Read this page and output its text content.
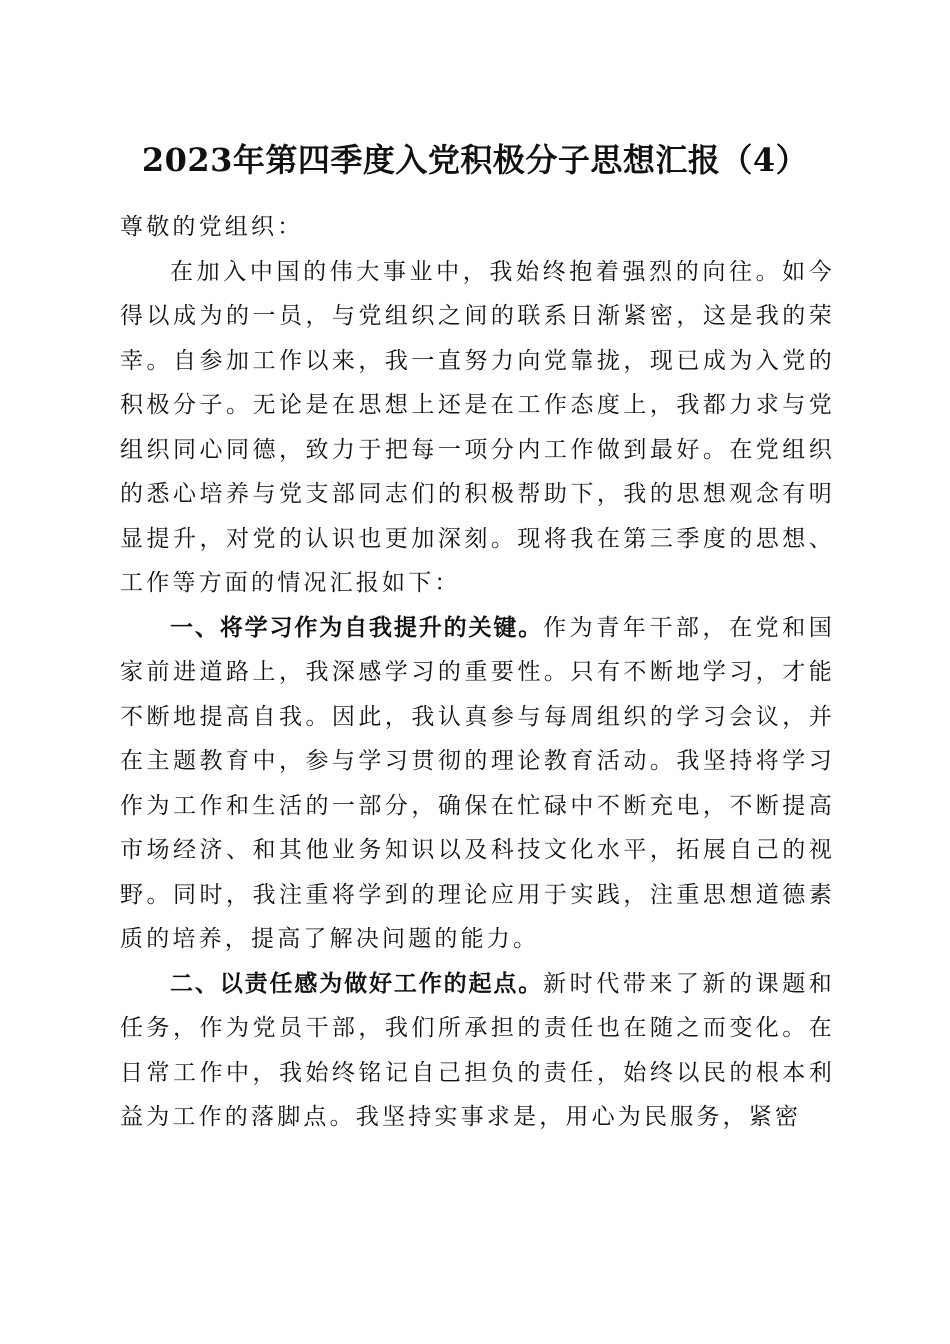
2023年第四季度入党积极分子思想汇报（4）

尊敬的党组织：

在加入中国的伟大事业中，我始终抱着强烈的向往。如今得以成为的一员，与党组织之间的联系日渐紧密，这是我的荣幸。自参加工作以来，我一直努力向党靠拢，现已成为入党的积极分子。无论是在思想上还是在工作态度上，我都力求与党组织同心同德，致力于把每一项分内工作做到最好。在党组织的悉心培养与党支部同志们的积极帮助下，我的思想观念有明显提升，对党的认识也更加深刻。现将我在第三季度的思想、工作等方面的情况汇报如下：

一、将学习作为自我提升的关键。作为青年干部，在党和国家前进道路上，我深感学习的重要性。只有不断地学习，才能不断地提高自我。因此，我认真参与每周组织的学习会议，并在主题教育中，参与学习贯彻的理论教育活动。我坚持将学习作为工作和生活的一部分，确保在忙碌中不断充电，不断提高市场经济、和其他业务知识以及科技文化水平，拓展自己的视野。同时，我注重将学到的理论应用于实践，注重思想道德素质的培养，提高了解决问题的能力。

二、以责任感为做好工作的起点。新时代带来了新的课题和任务，作为党员干部，我们所承担的责任也在随之而变化。在日常工作中，我始终铭记自己担负的责任，始终以民的根本利益为工作的落脚点。我坚持实事求是，用心为民服务，紧密
